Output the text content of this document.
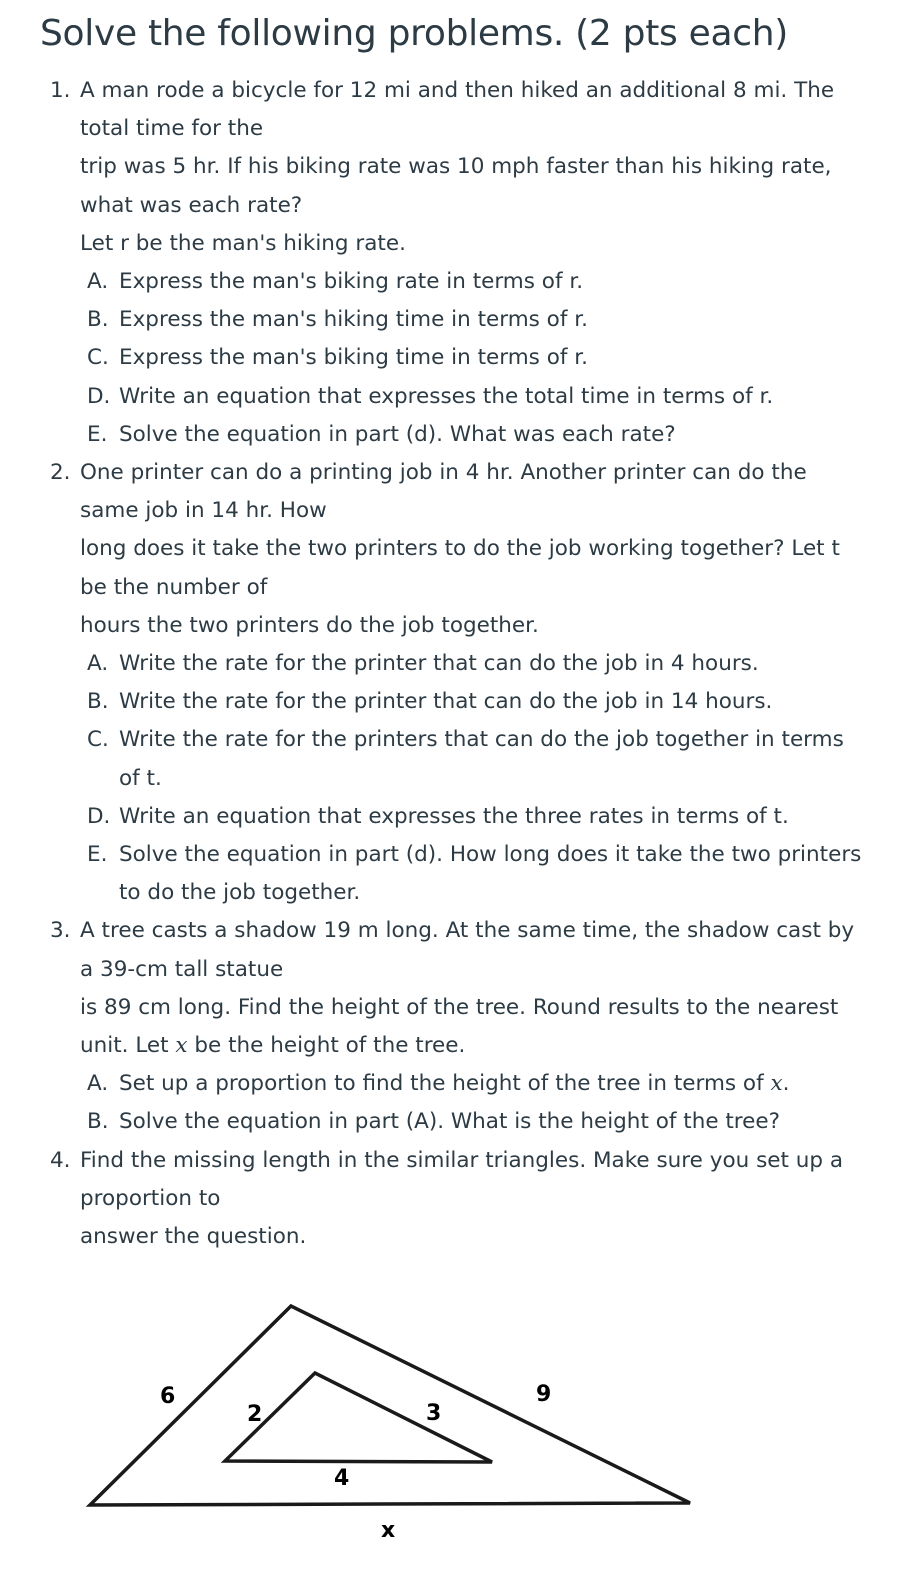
Solve the following problems. (2 pts each)
1. A man rode a bicycle for 12 mi and then hiked an additional 8 mi. The
total time for the
trip was 5 hr. If his biking rate was 10 mph faster than his hiking rate,
what was each rate?
Let r be the man's hiking rate.
A. Express the man's biking rate in terms of r.
B. Express the man's hiking time in terms of r.
C. Express the man's biking time in terms of r.
D. Write an equation that expresses the total time in terms of r.
E. Solve the equation in part (d). What was each rate?
2. One printer can do a printing job in 4 hr. Another printer can do the
same job in 14 hr. How
long does it take the two printers to do the job working together? Let t
be the number of
hours the two printers do the job together.
A. Write the rate for the printer that can do the job in 4 hours.
B. Write the rate for the printer that can do the job in 14 hours.
C. Write the rate for the printers that can do the job together in terms
of t.
D. Write an equation that expresses the three rates in terms of t.
E. Solve the equation in part (d). How long does it take the two printers
to do the job together.
3. A tree casts a shadow 19 m long. At the same time, the shadow cast by
a 39-cm tall statue
is 89 cm long. Find the height of the tree. Round results to the nearest
unit. Let x be the height of the tree.
A. Set up a proportion to find the height of the tree in terms of x.
B. Solve the equation in part (A). What is the height of the tree?
4. Find the missing length in the similar triangles. Make sure you set up a
proportion to
answer the question.
6
2	3
9
4
x
